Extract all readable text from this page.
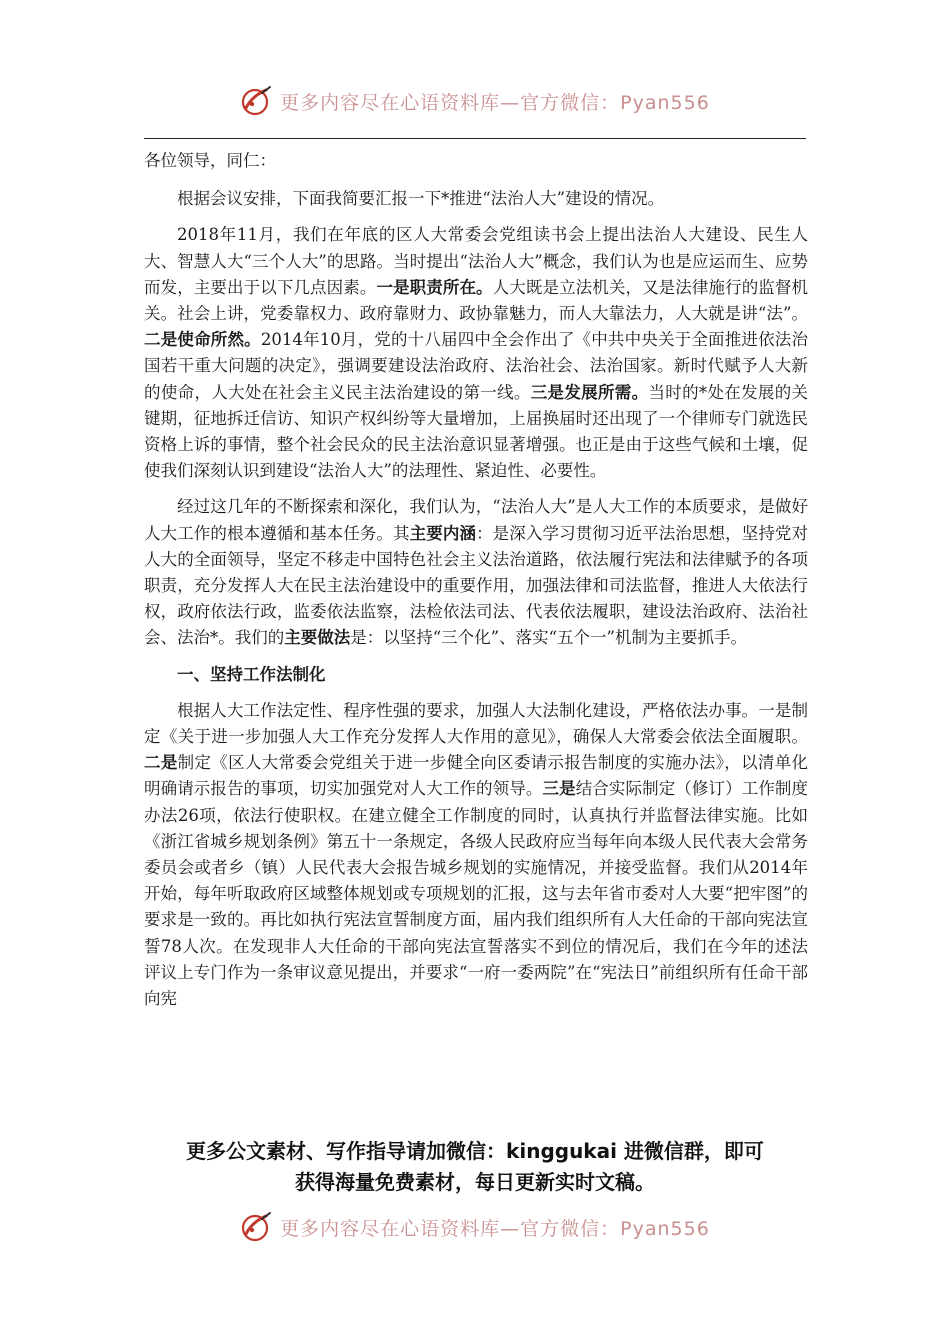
更多内容尽在心语资料库—官方微信：Pyan556

各位领导，同仁：

根据会议安排，下面我简要汇报一下*推进“法治人大”建设的情况。

2018年11月，我们在年底的区人大常委会党组读书会上提出法治人大建设、民生人大、智慧人大“三个人大”的思路。当时提出“法治人大”概念，我们认为也是应运而生、应势而发，主要出于以下几点因素。一是职责所在。人大既是立法机关，又是法律施行的监督机关。社会上讲，党委靠权力、政府靠财力、政协靠魅力，而人大靠法力，人大就是讲“法”。二是使命所然。2014年10月，党的十八届四中全会作出了《中共中央关于全面推进依法治国若干重大问题的决定》，强调要建设法治政府、法治社会、法治国家。新时代赋予人大新的使命，人大处在社会主义民主法治建设的第一线。三是发展所需。当时的*处在发展的关键期，征地拆迁信访、知识产权纠纷等大量增加，上届换届时还出现了一个律师专门就选民资格上诉的事情，整个社会民众的民主法治意识显著增强。也正是由于这些气候和土壤，促使我们深刻认识到建设“法治人大”的法理性、紧迫性、必要性。

经过这几年的不断探索和深化，我们认为，“法治人大”是人大工作的本质要求，是做好人大工作的根本遵循和基本任务。其主要内涵：是深入学习贯彻习近平法治思想，坚持党对人大的全面领导，坚定不移走中国特色社会主义法治道路，依法履行宪法和法律赋予的各项职责，充分发挥人大在民主法治建设中的重要作用，加强法律和司法监督，推进人大依法行权，政府依法行政，监委依法监察，法检依法司法、代表依法履职，建设法治政府、法治社会、法治*。我们的主要做法是：以坚持“三个化”、落实“五个一”机制为主要抓手。

一、坚持工作法制化

根据人大工作法定性、程序性强的要求，加强人大法制化建设，严格依法办事。一是制定《关于进一步加强人大工作充分发挥人大作用的意见》，确保人大常委会依法全面履职。二是制定《区人大常委会党组关于进一步健全向区委请示报告制度的实施办法》，以清单化明确请示报告的事项，切实加强党对人大工作的领导。三是结合实际制定（修订）工作制度办法26项，依法行使职权。在建立健全工作制度的同时，认真执行并监督法律实施。比如《浙江省城乡规划条例》第五十一条规定，各级人民政府应当每年向本级人民代表大会常务委员会或者乡（镇）人民代表大会报告城乡规划的实施情况，并接受监督。我们从2014年开始，每年听取政府区域整体规划或专项规划的汇报，这与去年省市委对人大要“把牢图”的要求是一致的。再比如执行宪法宣誓制度方面，届内我们组织所有人大任命的干部向宪法宣誓78人次。在发现非人大任命的干部向宪法宣誓落实不到位的情况后，我们在今年的述法评议上专门作为一条审议意见提出，并要求“一府一委两院”在“宪法日”前组织所有任命干部向宪

更多公文素材、写作指导请加微信：kinggukai 进微信群，即可
获得海量免费素材，每日更新实时文稿。
更多内容尽在心语资料库—官方微信：Pyan556
